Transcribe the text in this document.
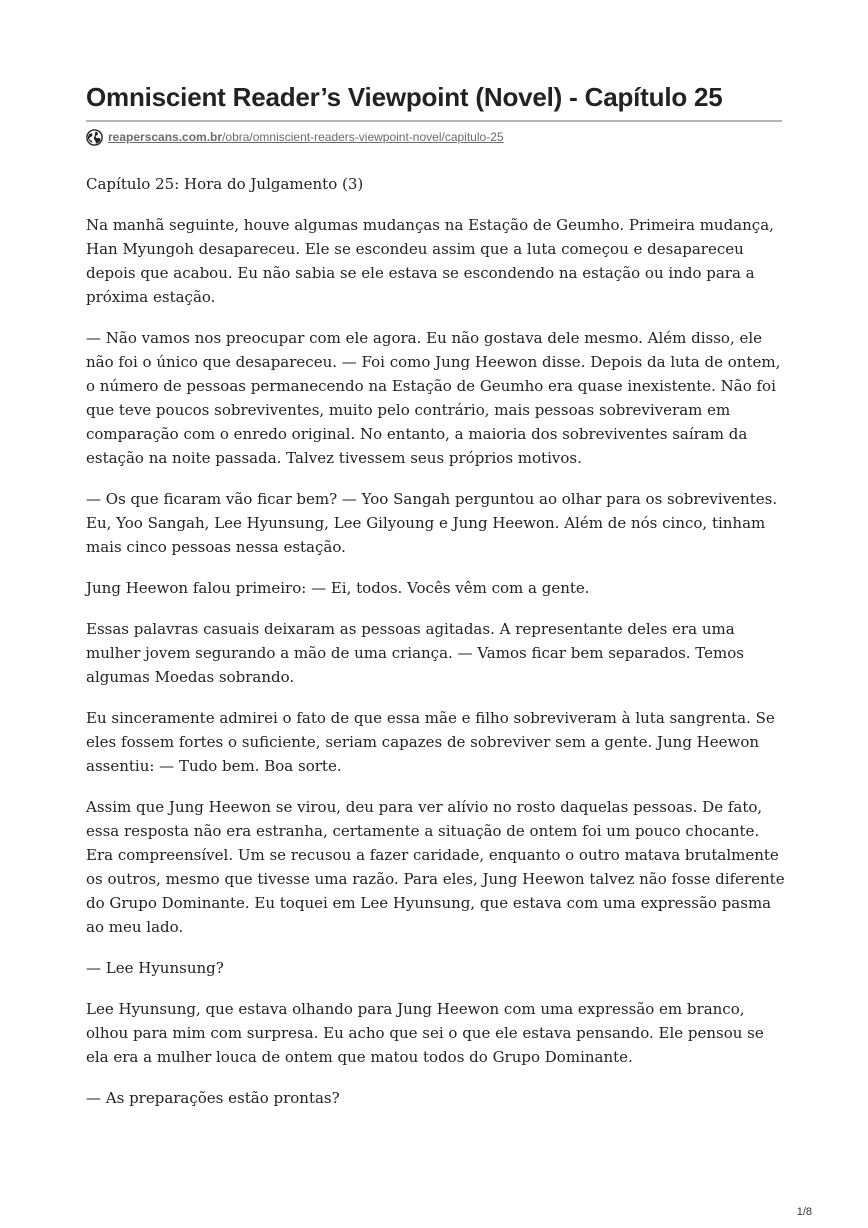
Omniscient Reader’s Viewpoint (Novel) - Capítulo 25
reaperscans.com.br/obra/omniscient-readers-viewpoint-novel/capitulo-25

Capítulo 25: Hora do Julgamento (3)

Na manhã seguinte, houve algumas mudanças na Estação de Geumho. Primeira mudança, Han Myungoh desapareceu. Ele se escondeu assim que a luta começou e desapareceu depois que acabou. Eu não sabia se ele estava se escondendo na estação ou indo para a próxima estação.

— Não vamos nos preocupar com ele agora. Eu não gostava dele mesmo. Além disso, ele não foi o único que desapareceu. — Foi como Jung Heewon disse. Depois da luta de ontem, o número de pessoas permanecendo na Estação de Geumho era quase inexistente. Não foi que teve poucos sobreviventes, muito pelo contrário, mais pessoas sobreviveram em comparação com o enredo original. No entanto, a maioria dos sobreviventes saíram da estação na noite passada. Talvez tivessem seus próprios motivos.

— Os que ficaram vão ficar bem? — Yoo Sangah perguntou ao olhar para os sobreviventes. Eu, Yoo Sangah, Lee Hyunsung, Lee Gilyoung e Jung Heewon. Além de nós cinco, tinham mais cinco pessoas nessa estação.

Jung Heewon falou primeiro: — Ei, todos. Vocês vêm com a gente.

Essas palavras casuais deixaram as pessoas agitadas. A representante deles era uma mulher jovem segurando a mão de uma criança. — Vamos ficar bem separados. Temos algumas Moedas sobrando.

Eu sinceramente admirei o fato de que essa mãe e filho sobreviveram à luta sangrenta. Se eles fossem fortes o suficiente, seriam capazes de sobreviver sem a gente. Jung Heewon assentiu: — Tudo bem. Boa sorte.

Assim que Jung Heewon se virou, deu para ver alívio no rosto daquelas pessoas. De fato, essa resposta não era estranha, certamente a situação de ontem foi um pouco chocante. Era compreensível. Um se recusou a fazer caridade, enquanto o outro matava brutalmente os outros, mesmo que tivesse uma razão. Para eles, Jung Heewon talvez não fosse diferente do Grupo Dominante. Eu toquei em Lee Hyunsung, que estava com uma expressão pasma ao meu lado.

— Lee Hyunsung?

Lee Hyunsung, que estava olhando para Jung Heewon com uma expressão em branco, olhou para mim com surpresa. Eu acho que sei o que ele estava pensando. Ele pensou se ela era a mulher louca de ontem que matou todos do Grupo Dominante.

— As preparações estão prontas?

1/8
